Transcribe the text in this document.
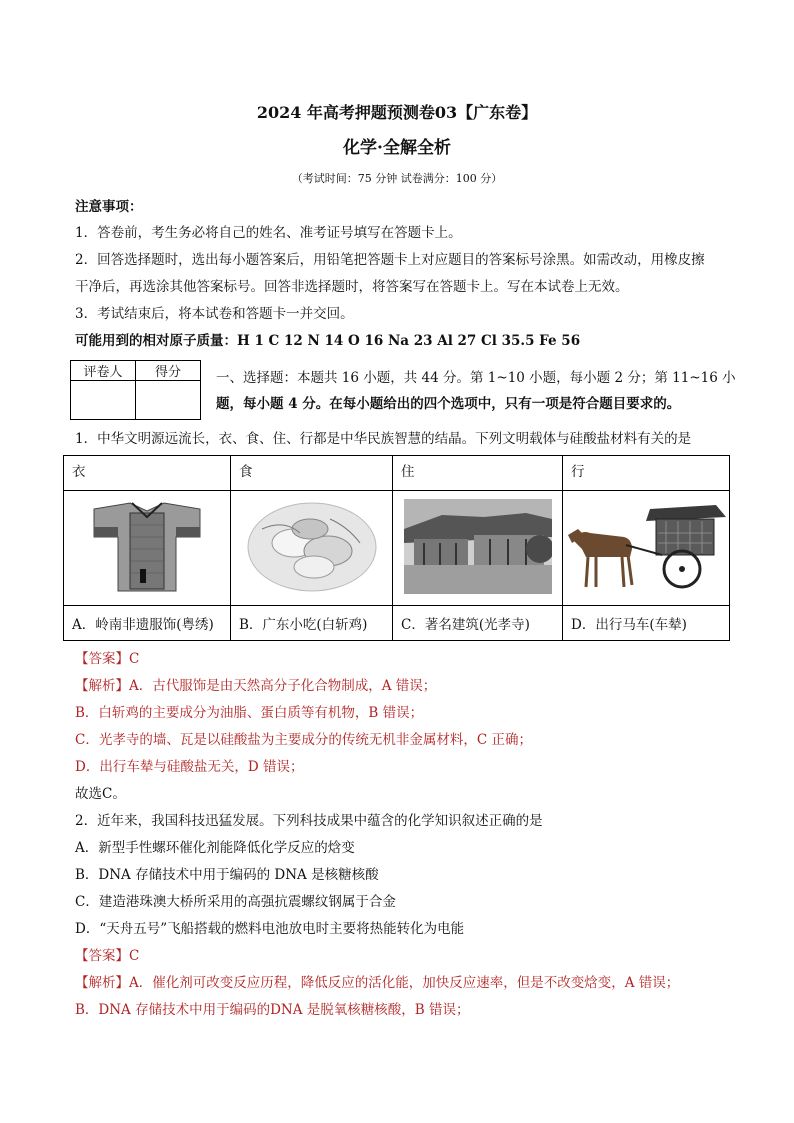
2024 年高考押题预测卷03【广东卷】
化学·全解全析
（考试时间：75 分钟 试卷满分：100 分）
注意事项：
1．答卷前，考生务必将自己的姓名、准考证号填写在答题卡上。
2．回答选择题时，选出每小题答案后，用铅笔把答题卡上对应题目的答案标号涂黑。如需改动，用橡皮擦
干净后，再选涂其他答案标号。回答非选择题时，将答案写在答题卡上。写在本试卷上无效。
3．考试结束后，将本试卷和答题卡一并交回。
可能用到的相对原子质量：H 1 C 12 N 14 O 16 Na 23 Al 27 Cl 35.5 Fe 56
评卷人	得分
		一、选择题：本题共 16 小题，共 44 分。第 1~10 小题，每小题 2 分；第 11~16 小
题，每小题 4 分。在每小题给出的四个选项中，只有一项是符合题目要求的。
1．中华文明源远流长，衣、食、住、行都是中华民族智慧的结晶。下列文明载体与硅酸盐材料有关的是
衣	食	住	行

A．岭南非遗服饰(粤绣)	B．广东小吃(白斩鸡)	C．著名建筑(光孝寺)	D．出行马车(车辇)
【答案】C
【解析】A．古代服饰是由天然高分子化合物制成，A 错误；
B．白斩鸡的主要成分为油脂、蛋白质等有机物，B 错误；
C．光孝寺的墙、瓦是以硅酸盐为主要成分的传统无机非金属材料，C 正确；
D．出行车辇与硅酸盐无关，D 错误；
故选C。
2．近年来，我国科技迅猛发展。下列科技成果中蕴含的化学知识叙述正确的是
A．新型手性螺环催化剂能降低化学反应的焓变
B．DNA 存储技术中用于编码的 DNA 是核糖核酸
C．建造港珠澳大桥所采用的高强抗震螺纹钢属于合金
D．“天舟五号”飞船搭载的燃料电池放电时主要将热能转化为电能
【答案】C
【解析】A．催化剂可改变反应历程，降低反应的活化能，加快反应速率，但是不改变焓变，A 错误；
B．DNA 存储技术中用于编码的DNA 是脱氧核糖核酸，B 错误；
